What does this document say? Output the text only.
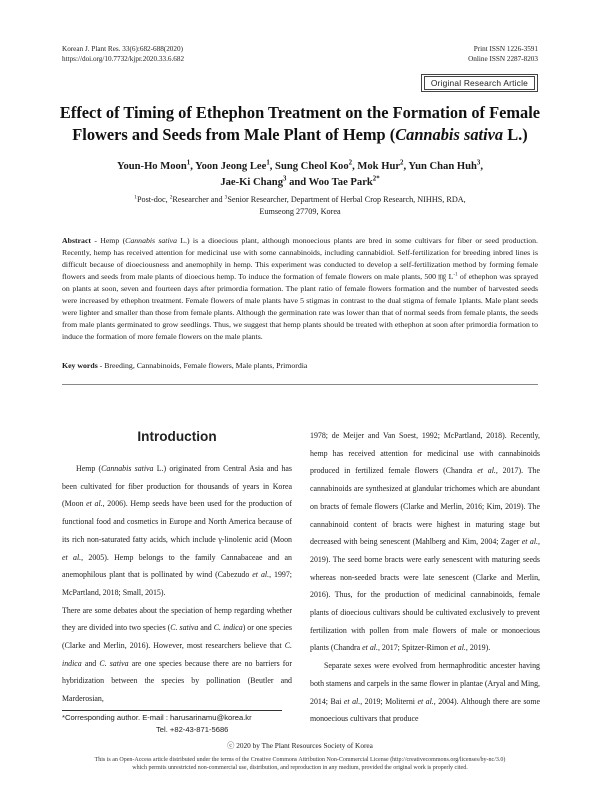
Korean J. Plant Res. 33(6):682-688(2020)
https://doi.org/10.7732/kjpr.2020.33.6.682
Print ISSN 1226-3591
Online ISSN 2287-8203
Original Research Article
Effect of Timing of Ethephon Treatment on the Formation of Female
Flowers and Seeds from Male Plant of Hemp (Cannabis sativa L.)
Youn-Ho Moon$^1$, Yoon Jeong Lee$^1$, Sung Cheol Koo$^2$, Mok Hur$^2$, Yun Chan Huh$^3$,
Jae-Ki Chang$^3$ and Woo Tae Park$^{2*}$
$^1$Post-doc, $^2$Researcher and $^3$Senior Researcher, Department of Herbal Crop Research, NIHHS, RDA,
Eumseong 27709, Korea
Abstract - Hemp (Cannabis sativa L.) is a dioecious plant, although monoecious plants are bred in some cultivars for fiber or seed production. Recently, hemp has received attention for medicinal use with some cannabinoids, including cannabidiol. Self-fertilization for breeding inbred lines is difficult because of dioeciousness and anemophily in hemp. This experiment was conducted to develop a self-fertilization method by forming female flowers and seeds from male plants of dioecious hemp. To induce the formation of female flowers on male plants, 500 ㎎ $L^{-1}$ of ethephon was sprayed on plants at soon, seven and fourteen days after primordia formation. The plant ratio of female flowers formation and the number of harvested seeds were increased by ethephon treatment. Female flowers of male plants have 5 stigmas in contrast to the dual stigma of female 1plants. Male plant seeds were lighter and smaller than those from female plants. Although the germination rate was lower than that of normal seeds from female plants, the seeds from male plants germinated to grow seedlings. Thus, we suggest that hemp plants should be treated with ethephon at soon after primordia formation to induce the formation of more female flowers on the male plants.
Key words - Breeding, Cannabinoids, Female flowers, Male plants, Primordia
Introduction

Hemp (Cannabis sativa L.) originated from Central Asia and has been cultivated for fiber production for thousands of years in Korea (Moon et al., 2006). Hemp seeds have been used for the production of functional food and cosmetics in Europe and North America because of its rich non-saturated fatty acids, which include γ-linolenic acid (Moon et al., 2005). Hemp belongs to the family Cannabaceae and an anemophilous plant that is pollinated by wind (Cabezudo et al., 1997; McPartland, 2018; Small, 2015).

There are some debates about the speciation of hemp regarding whether they are divided into two species (C. sativa and C. indica) or one species (Clarke and Merlin, 2016). However, most researchers believe that C. indica and C. sativa are one species because there are no barriers for hybridization between the species by pollination (Beutler and Marderosian,

1978; de Meijer and Van Soest, 1992; McPartland, 2018). Recently, hemp has received attention for medicinal use with cannabinoids produced in fertilized female flowers (Chandra et al., 2017). The cannabinoids are synthesized at glandular trichomes which are abundant on bracts of female flowers (Clarke and Merlin, 2016; Kim, 2019). The cannabinoid content of bracts were highest in maturing stage but decreased with being senescent (Mahlberg and Kim, 2004; Zager et al., 2019). The seed borne bracts were early senescent with maturing seeds whereas non-seeded bracts were late senescent (Clarke and Merlin, 2016). Thus, for the production of medicinal cannabinoids, female plants of dioecious cultivars should be cultivated exclusively to prevent fertilization with pollen from male flowers of male or monoecious plants (Chandra et al., 2017; Spitzer-Rimon et al., 2019).

Separate sexes were evolved from hermaphroditic ancester having both stamens and carpels in the same flower in plantae (Aryal and Ming, 2014; Bai et al., 2019; Moliterni et al., 2004). Although there are some monoecious cultivars that produce

*Corresponding author. E-mail : harusarinamu@korea.kr
Tel. +82-43-871-5686
ⓒ 2020 by The Plant Resources Society of Korea
This is an Open-Access article distributed under the terms of the Creative Commons Attribution Non-Commercial License (http://creativecommons.org/licenses/by-nc/3.0)
which permits unrestricted non-commercial use, distribution, and reproduction in any medium, provided the original work is properly cited.
